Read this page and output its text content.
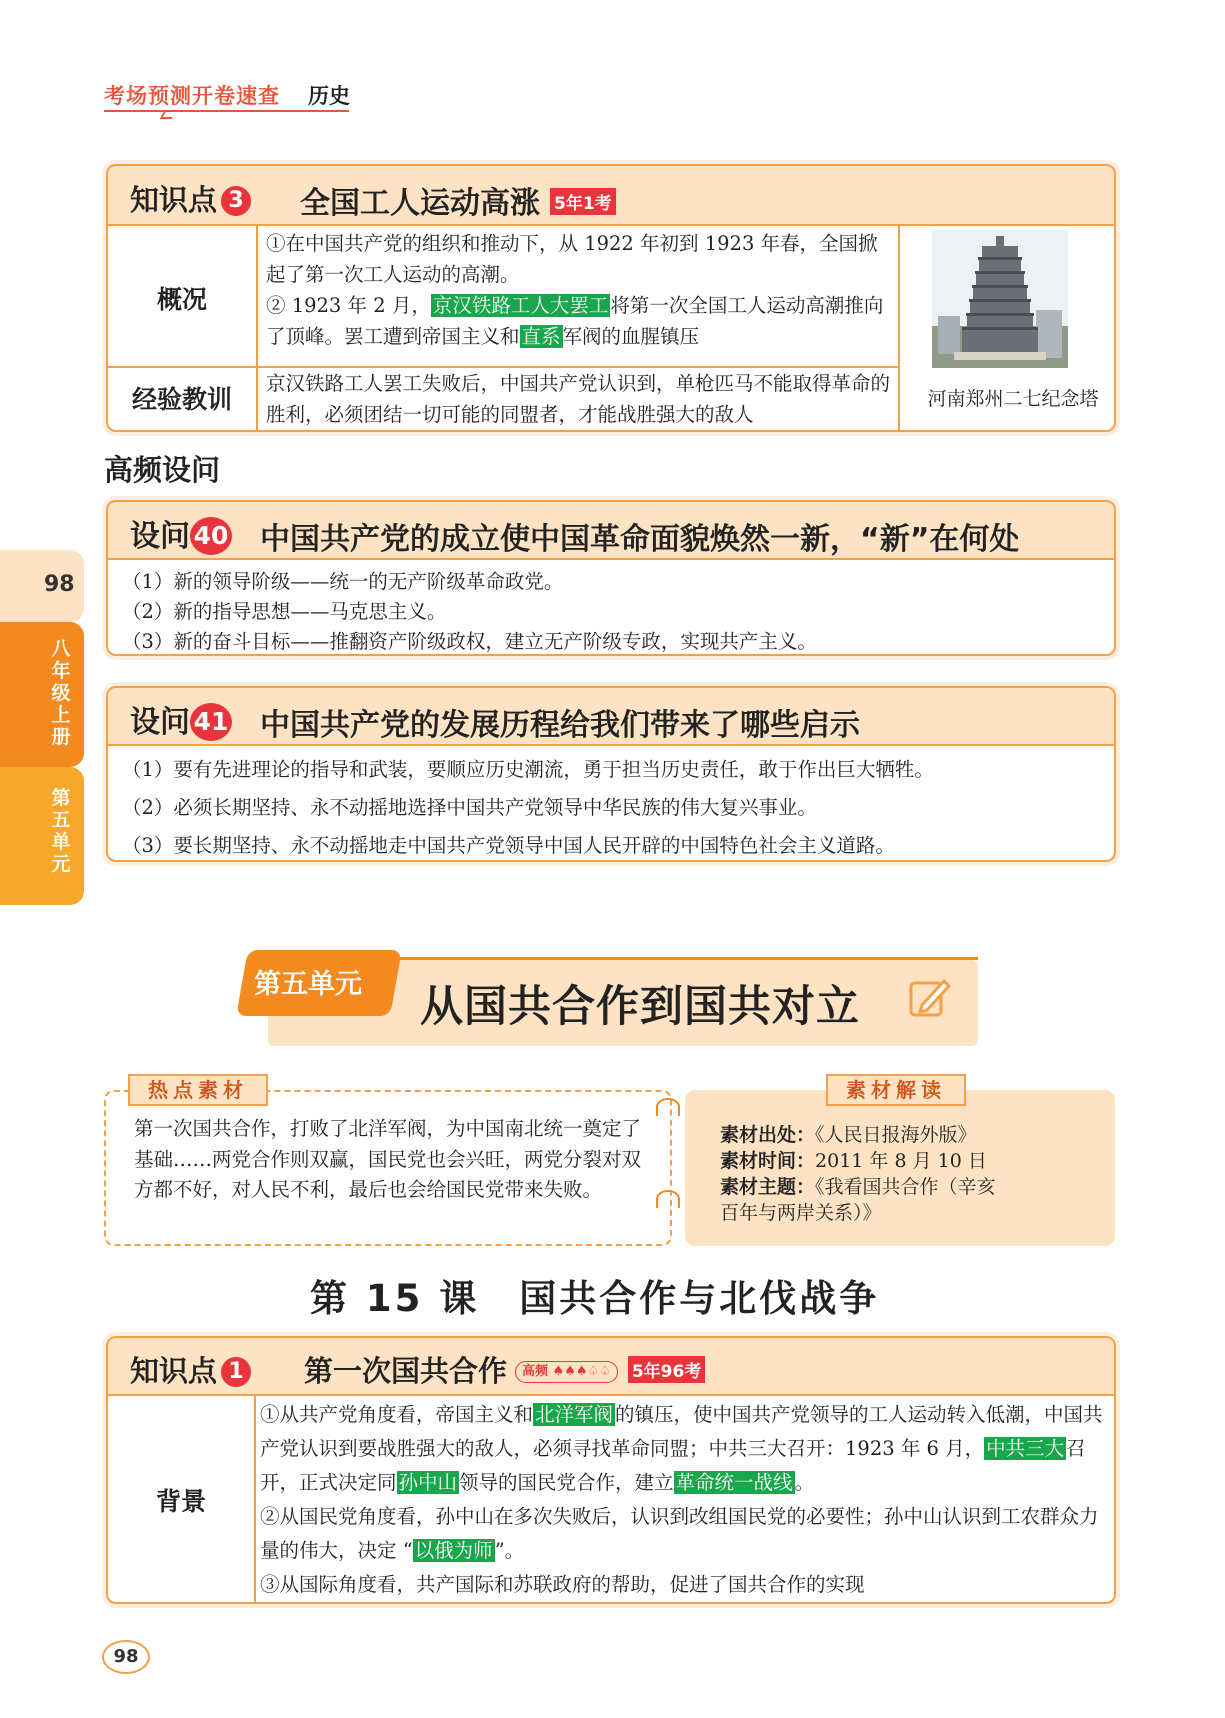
考场预测开卷速查 历史
知识点 3 全国工人运动高涨 5年1考
概况
①在中国共产党的组织和推动下，从 1922 年初到 1923 年春，全国掀起了第一次工人运动的高潮。
② 1923 年 2 月， 京汉铁路工人大罢工 将第一次全国工人运动高潮推向了顶峰。罢工遭到帝国主义和 直系 军阀的血腥镇压
经验教训
京汉铁路工人罢工失败后，中国共产党认识到，单枪匹马不能取得革命的胜利，必须团结一切可能的同盟者，才能战胜强大的敌人
河南郑州二七纪念塔
高频设问
设问 40 中国共产党的成立使中国革命面貌焕然一新，“新”在何处
（1）新的领导阶级——统一的无产阶级革命政党。
（2）新的指导思想——马克思主义。
（3）新的奋斗目标——推翻资产阶级政权，建立无产阶级专政，实现共产主义。
设问 41 中国共产党的发展历程给我们带来了哪些启示
（1）要有先进理论的指导和武装，要顺应历史潮流，勇于担当历史责任，敢于作出巨大牺牲。
（2）必须长期坚持、永不动摇地选择中国共产党领导中华民族的伟大复兴事业。
（3）要长期坚持、永不动摇地走中国共产党领导中国人民开辟的中国特色社会主义道路。
98
八年级上册
第五单元
第五单元 从国共合作到国共对立
热点素材
第一次国共合作，打败了北洋军阀，为中国南北统一奠定了基础……两党合作则双赢，国民党也会兴旺，两党分裂对双方都不好，对人民不利，最后也会给国民党带来失败。
素材解读
素材出处：《人民日报海外版》
素材时间：2011 年 8 月 10 日
素材主题：《我看国共合作（辛亥
百年与两岸关系）》
第 15 课　国共合作与北伐战争
知识点 1 第一次国共合作 高频 ♠♠♠♤♤ 5年96考
背景
①从共产党角度看，帝国主义和 北洋军阀 的镇压，使中国共产党领导的工人运动转入低潮，中国共产党认识到要战胜强大的敌人，必须寻找革命同盟；中共三大召开：1923 年 6 月， 中共三大 召开，正式决定同 孙中山 领导的国民党合作，建立 革命统一战线 。
②从国民党角度看，孙中山在多次失败后，认识到改组国民党的必要性；孙中山认识到工农群众力量的伟大，决定 “ 以俄为师 ”。
③从国际角度看，共产国际和苏联政府的帮助，促进了国共合作的实现
98
